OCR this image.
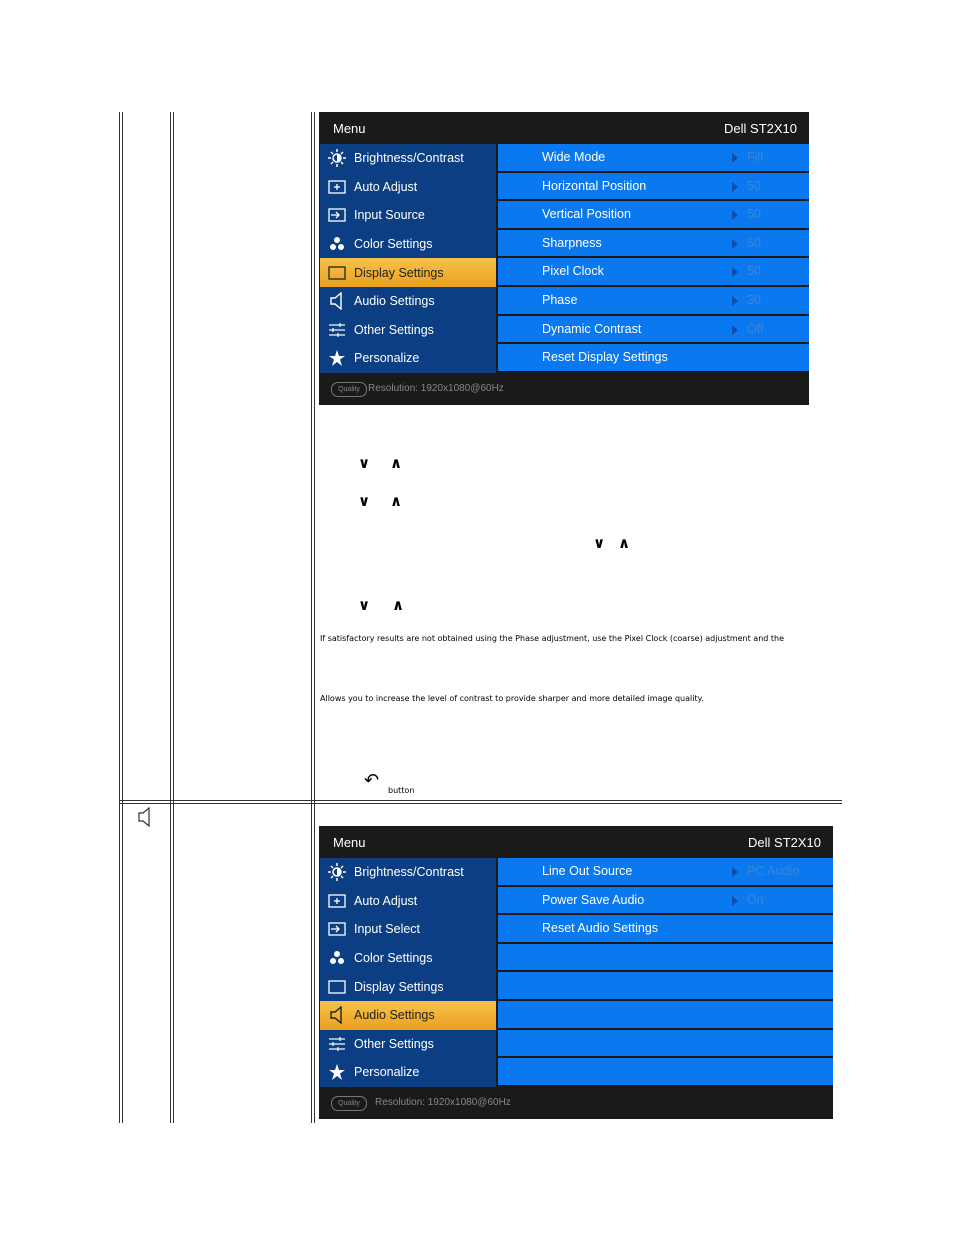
Menu	Dell ST2X10
Brightness/Contrast
Auto Adjust
Input Source
Color Settings
Display Settings
Audio Settings
Other Settings
Personalize
Wide Mode	Fill
Horizontal Position	50
Vertical Position	50
Sharpness	50
Pixel Clock	50
Phase	30
Dynamic Contrast	Off
Reset Display Settings
Quality Resolution: 1920x1080@60Hz
∨ ∧
∨ ∧
∨ ∧
∨ ∧
If satisfactory results are not obtained using the Phase adjustment, use the Pixel Clock (coarse) adjustment and the
Allows you to increase the level of contrast to provide sharper and more detailed image quality.
↶ button
Menu	Dell ST2X10
Brightness/Contrast
Auto Adjust
Input Select
Color Settings
Display Settings
Audio Settings
Other Settings
Personalize
Line Out Source	PC Audio
Power Save Audio	On
Reset Audio Settings
Quality	Resolution: 1920x1080@60Hz
